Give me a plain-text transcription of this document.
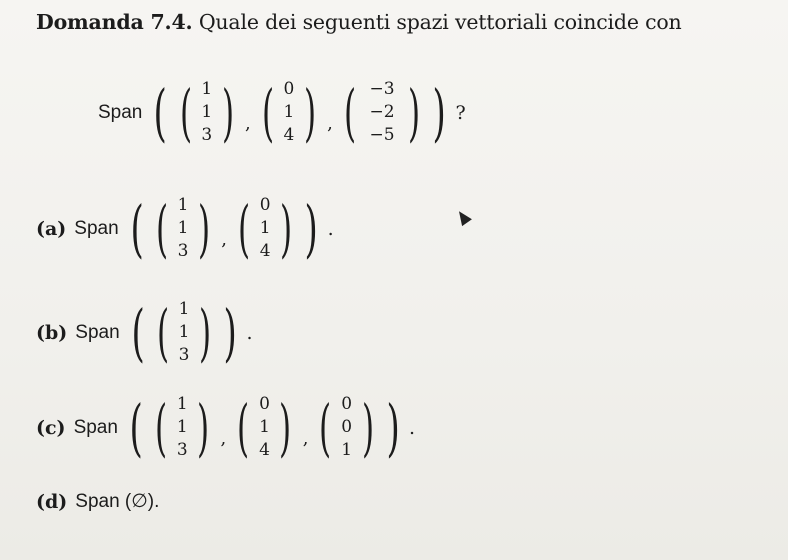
Domanda 7.4. Quale dei seguenti spazi vettoriali coincide con
Span ( ( 1
1
3 ) , ( 0
1
4 ) , ( −3
−2
−5 ) ) ?
(a) Span ( ( 1
1
3 ) , ( 0
1
4 ) ) .
(b) Span ( ( 1
1
3 ) ) .
(c) Span ( ( 1
1
3 ) , ( 0
1
4 ) , ( 0
0
1 ) ) .
(d) Span (∅).
